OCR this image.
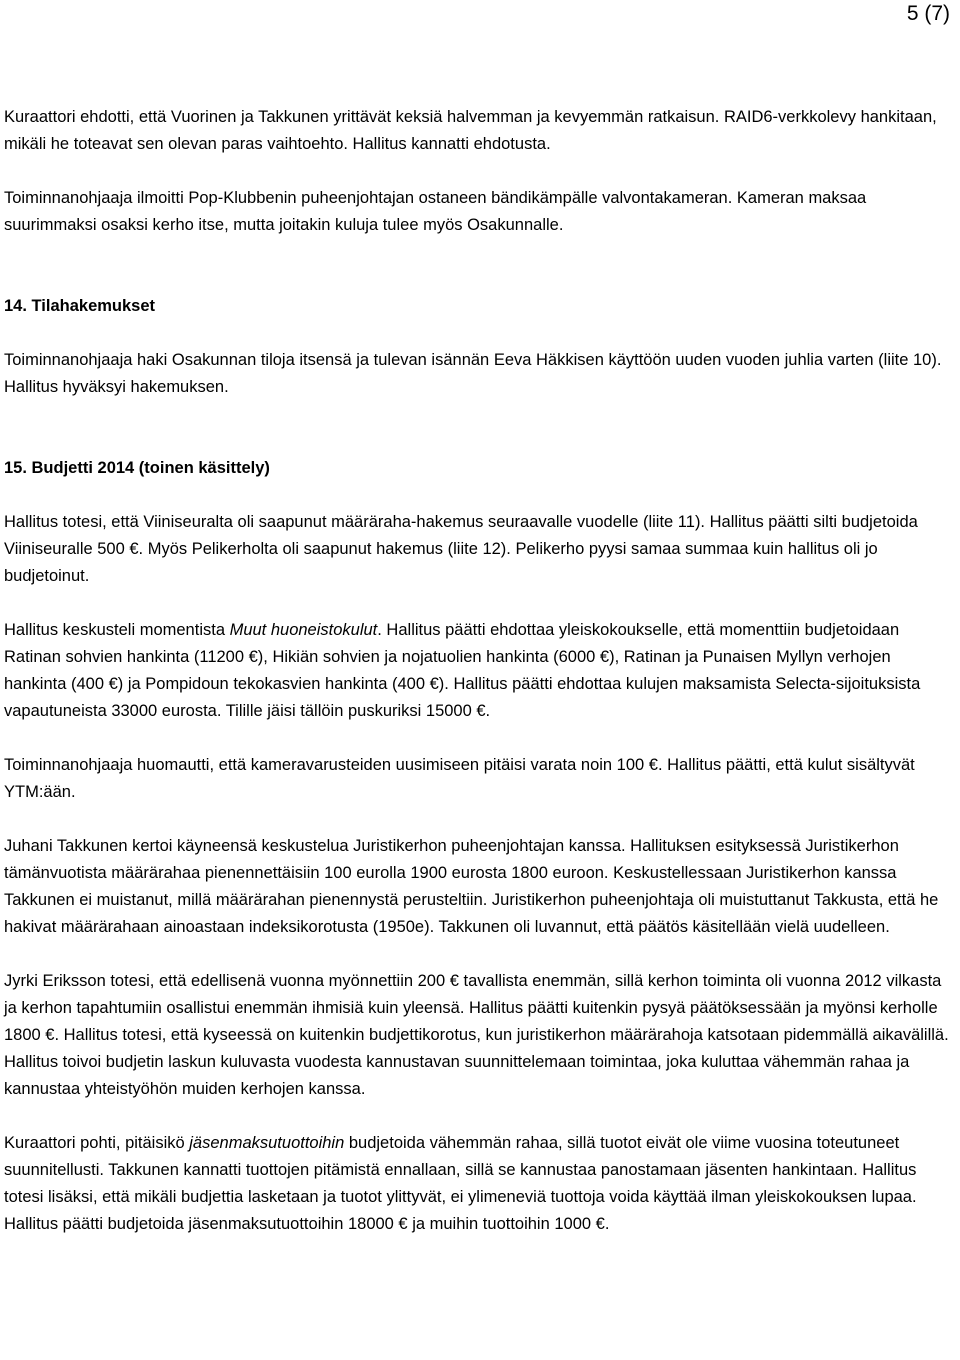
5 (7)

Kuraattori ehdotti, että Vuorinen ja Takkunen yrittävät keksiä halvemman ja kevyemmän ratkaisun. RAID6-verkkolevy hankitaan, mikäli he toteavat sen olevan paras vaihtoehto. Hallitus kannatti ehdotusta.

Toiminnanohjaaja ilmoitti Pop-Klubbenin puheenjohtajan ostaneen bändikämpälle valvontakameran. Kameran maksaa suurimmaksi osaksi kerho itse, mutta joitakin kuluja tulee myös Osakunnalle.

14. Tilahakemukset

Toiminnanohjaaja haki Osakunnan tiloja itsensä ja tulevan isännän Eeva Häkkisen käyttöön uuden vuoden juhlia varten (liite 10). Hallitus hyväksyi hakemuksen.

15. Budjetti 2014 (toinen käsittely)

Hallitus totesi, että Viiniseuralta oli saapunut määräraha-hakemus seuraavalle vuodelle (liite 11). Hallitus päätti silti budjetoida Viiniseuralle 500 €. Myös Pelikerholta oli saapunut hakemus (liite 12). Pelikerho pyysi samaa summaa kuin hallitus oli jo budjetoinut.

Hallitus keskusteli momentista Muut huoneistokulut. Hallitus päätti ehdottaa yleiskokoukselle, että momenttiin budjetoidaan Ratinan sohvien hankinta (11200 €), Hikiän sohvien ja nojatuolien hankinta (6000 €), Ratinan ja Punaisen Myllyn verhojen hankinta (400 €) ja Pompidoun tekokasvien hankinta (400 €). Hallitus päätti ehdottaa kulujen maksamista Selecta-sijoituksista vapautuneista 33000 eurosta. Tilille jäisi tällöin puskuriksi 15000 €.

Toiminnanohjaaja huomautti, että kameravarusteiden uusimiseen pitäisi varata noin 100 €. Hallitus päätti, että kulut sisältyvät YTM:ään.

Juhani Takkunen kertoi käyneensä keskustelua Juristikerhon puheenjohtajan kanssa. Hallituksen esityksessä Juristikerhon tämänvuotista määrärahaa pienennettäisiin 100 eurolla 1900 eurosta 1800 euroon. Keskustellessaan Juristikerhon kanssa Takkunen ei muistanut, millä määrärahan pienennystä perusteltiin. Juristikerhon puheenjohtaja oli muistuttanut Takkusta, että he hakivat määrärahaan ainoastaan indeksikorotusta (1950e). Takkunen oli luvannut, että päätös käsitellään vielä uudelleen.

Jyrki Eriksson totesi, että edellisenä vuonna myönnettiin 200 € tavallista enemmän, sillä kerhon toiminta oli vuonna 2012 vilkasta ja kerhon tapahtumiin osallistui enemmän ihmisiä kuin yleensä. Hallitus päätti kuitenkin pysyä päätöksessään ja myönsi kerholle 1800 €. Hallitus totesi, että kyseessä on kuitenkin budjettikorotus, kun juristikerhon määrärahoja katsotaan pidemmällä aikavälillä. Hallitus toivoi budjetin laskun kuluvasta vuodesta kannustavan suunnittelemaan toimintaa, joka kuluttaa vähemmän rahaa ja kannustaa yhteistyöhön muiden kerhojen kanssa.

Kuraattori pohti, pitäisikö jäsenmaksutuottoihin budjetoida vähemmän rahaa, sillä tuotot eivät ole viime vuosina toteutuneet suunnitellusti. Takkunen kannatti tuottojen pitämistä ennallaan, sillä se kannustaa panostamaan jäsenten hankintaan. Hallitus totesi lisäksi, että mikäli budjettia lasketaan ja tuotot ylittyvät, ei ylimeneviä tuottoja voida käyttää ilman yleiskokouksen lupaa. Hallitus päätti budjetoida jäsenmaksutuottoihin 18000 € ja muihin tuottoihin 1000 €.
